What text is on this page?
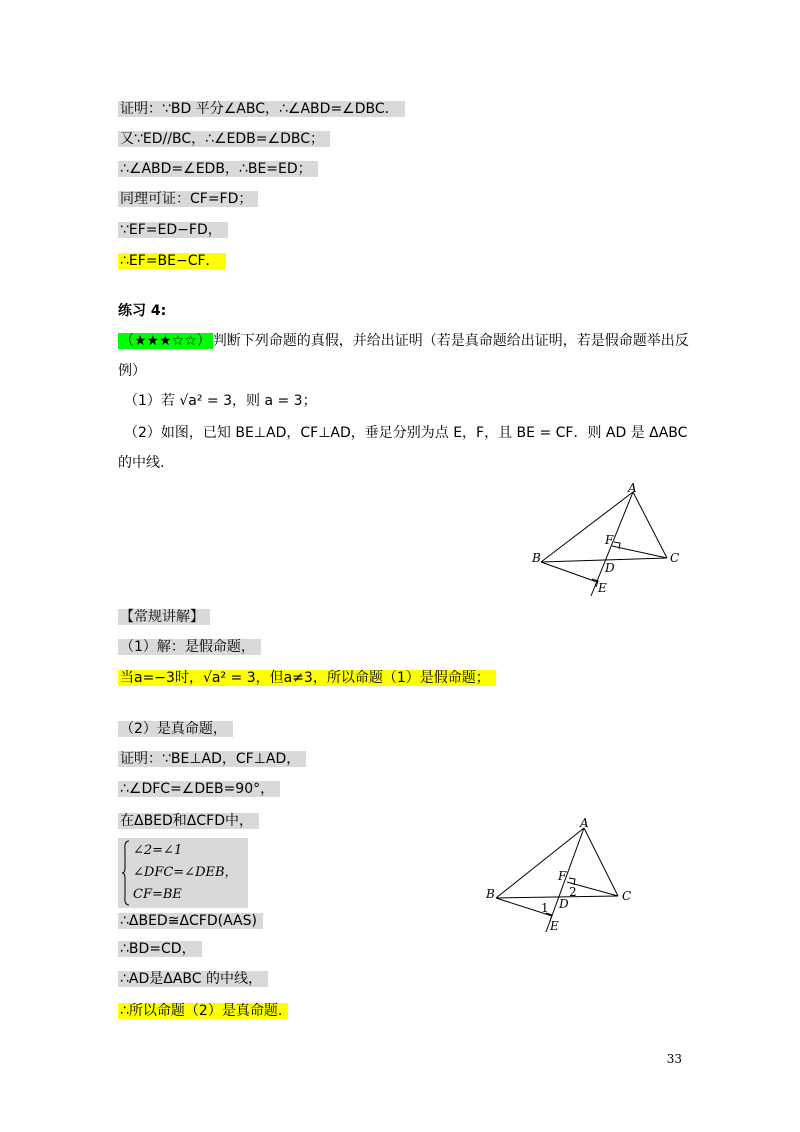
证明：∵BD 平分∠ABC，∴∠ABD=∠DBC．
又∵ED//BC，∴∠EDB=∠DBC；
∴∠ABD=∠EDB，∴BE=ED；
同理可证：CF=FD；
∵EF=ED−FD，
∴EF=BE−CF．
练习 4:
（★★★☆☆） 判断下列命题的真假，并给出证明（若是真命题给出证明，若是假命题举出反
例）
（1）若 √a² = 3，则 a = 3；
（2）如图，已知 BE⊥AD，CF⊥AD，垂足分别为点 E，F，且 BE = CF．则 AD 是 ΔABC
的中线.
A
B	C
D
E
F
【常规讲解】
（1）解：是假命题，
当a=−3时，√a² = 3，但a≠3，所以命题（1）是假命题；
（2）是真命题，
证明：∵BE⊥AD，CF⊥AD，
∴∠DFC=∠DEB=90°，
在ΔBED和ΔCFD中，
∠2=∠1
∠DFC=∠DEB，
CF=BE
∴ΔBED≅ΔCFD(AAS)
∴BD=CD，
∴AD是ΔABC 的中线，
∴所以命题（2）是真命题.
A
B	C
D
E
F
1
2
33
